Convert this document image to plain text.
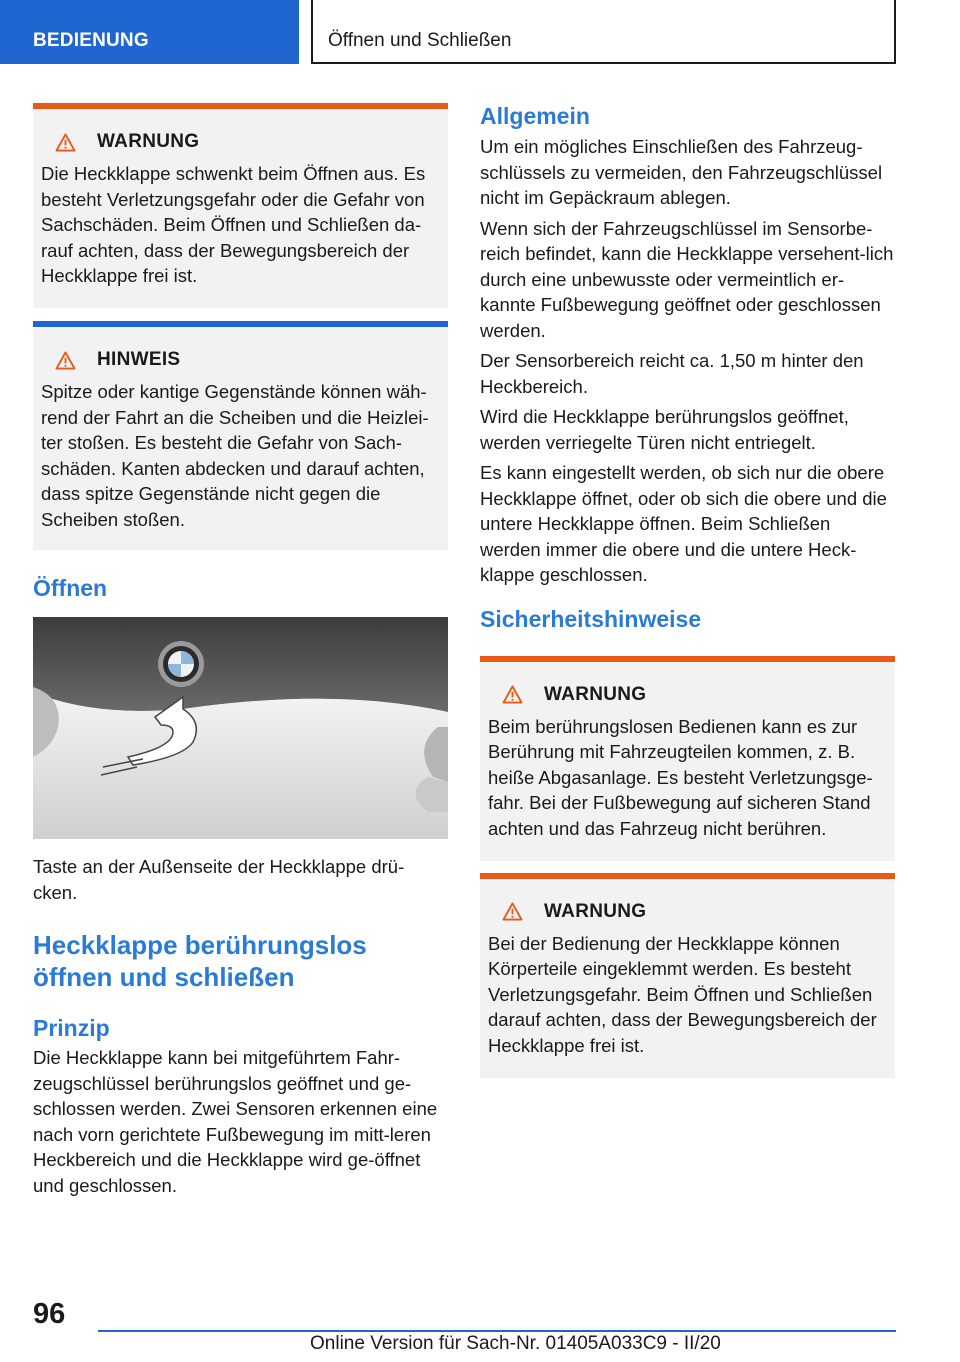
BEDIENUNG	Öffnen und Schließen
WARNUNG
Die Heckklappe schwenkt beim Öffnen aus. Es besteht Verletzungsgefahr oder die Gefahr von Sachschäden. Beim Öffnen und Schließen da-rauf achten, dass der Bewegungsbereich der Heckklappe frei ist.
HINWEIS
Spitze oder kantige Gegenstände können wäh-rend der Fahrt an die Scheiben und die Heizlei-ter stoßen. Es besteht die Gefahr von Sach-schäden. Kanten abdecken und darauf achten, dass spitze Gegenstände nicht gegen die Scheiben stoßen.
Öffnen
Taste an der Außenseite der Heckklappe drü-cken.
Heckklappe berührungslos öffnen und schließen
Prinzip
Die Heckklappe kann bei mitgeführtem Fahr-zeugschlüssel berührungslos geöffnet und ge-schlossen werden. Zwei Sensoren erkennen eine nach vorn gerichtete Fußbewegung im mitt-leren Heckbereich und die Heckklappe wird ge-öffnet und geschlossen.
Allgemein
Um ein mögliches Einschließen des Fahrzeug-schlüssels zu vermeiden, den Fahrzeugschlüssel nicht im Gepäckraum ablegen.
Wenn sich der Fahrzeugschlüssel im Sensorbe-reich befindet, kann die Heckklappe versehent-lich durch eine unbewusste oder vermeintlich er-kannte Fußbewegung geöffnet oder geschlossen werden.
Der Sensorbereich reicht ca. 1,50 m hinter den Heckbereich.
Wird die Heckklappe berührungslos geöffnet, werden verriegelte Türen nicht entriegelt.
Es kann eingestellt werden, ob sich nur die obere Heckklappe öffnet, oder ob sich die obere und die untere Heckklappe öffnen. Beim Schließen werden immer die obere und die untere Heck-klappe geschlossen.
Sicherheitshinweise
WARNUNG
Beim berührungslosen Bedienen kann es zur Berührung mit Fahrzeugteilen kommen, z. B. heiße Abgasanlage. Es besteht Verletzungsge-fahr. Bei der Fußbewegung auf sicheren Stand achten und das Fahrzeug nicht berühren.
WARNUNG
Bei der Bedienung der Heckklappe können Körperteile eingeklemmt werden. Es besteht Verletzungsgefahr. Beim Öffnen und Schließen darauf achten, dass der Bewegungsbereich der Heckklappe frei ist.
96
Online Version für Sach-Nr. 01405A033C9 - II/20
